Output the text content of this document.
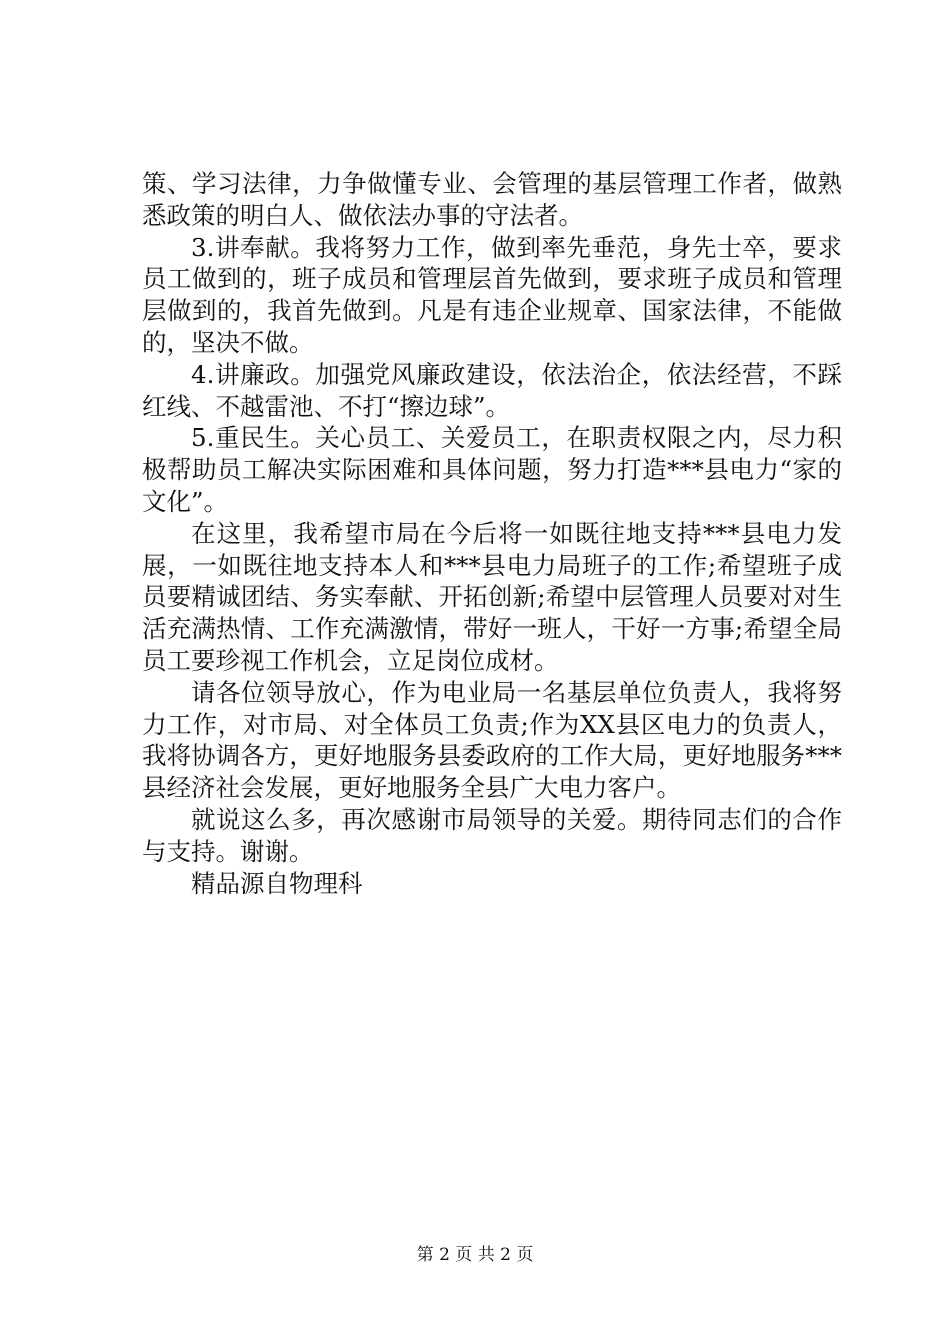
策、学习法律，力争做懂专业、会管理的基层管理工作者，做熟悉政策的明白人、做依法办事的守法者。

3.讲奉献。我将努力工作，做到率先垂范，身先士卒，要求员工做到的，班子成员和管理层首先做到，要求班子成员和管理层做到的，我首先做到。凡是有违企业规章、国家法律，不能做的，坚决不做。

4.讲廉政。加强党风廉政建设，依法治企，依法经营，不踩红线、不越雷池、不打“擦边球”。

5.重民生。关心员工、关爱员工，在职责权限之内，尽力积极帮助员工解决实际困难和具体问题，努力打造***县电力“家的文化”。

在这里，我希望市局在今后将一如既往地支持***县电力发展，一如既往地支持本人和***县电力局班子的工作;希望班子成员要精诚团结、务实奉献、开拓创新;希望中层管理人员要对对生活充满热情、工作充满激情，带好一班人，干好一方事;希望全局员工要珍视工作机会，立足岗位成材。

请各位领导放心，作为电业局一名基层单位负责人，我将努力工作，对市局、对全体员工负责;作为XX县区电力的负责人，我将协调各方，更好地服务县委政府的工作大局，更好地服务***县经济社会发展，更好地服务全县广大电力客户。

就说这么多，再次感谢市局领导的关爱。期待同志们的合作与支持。谢谢。

精品源自物理科

第 2 页 共 2 页
